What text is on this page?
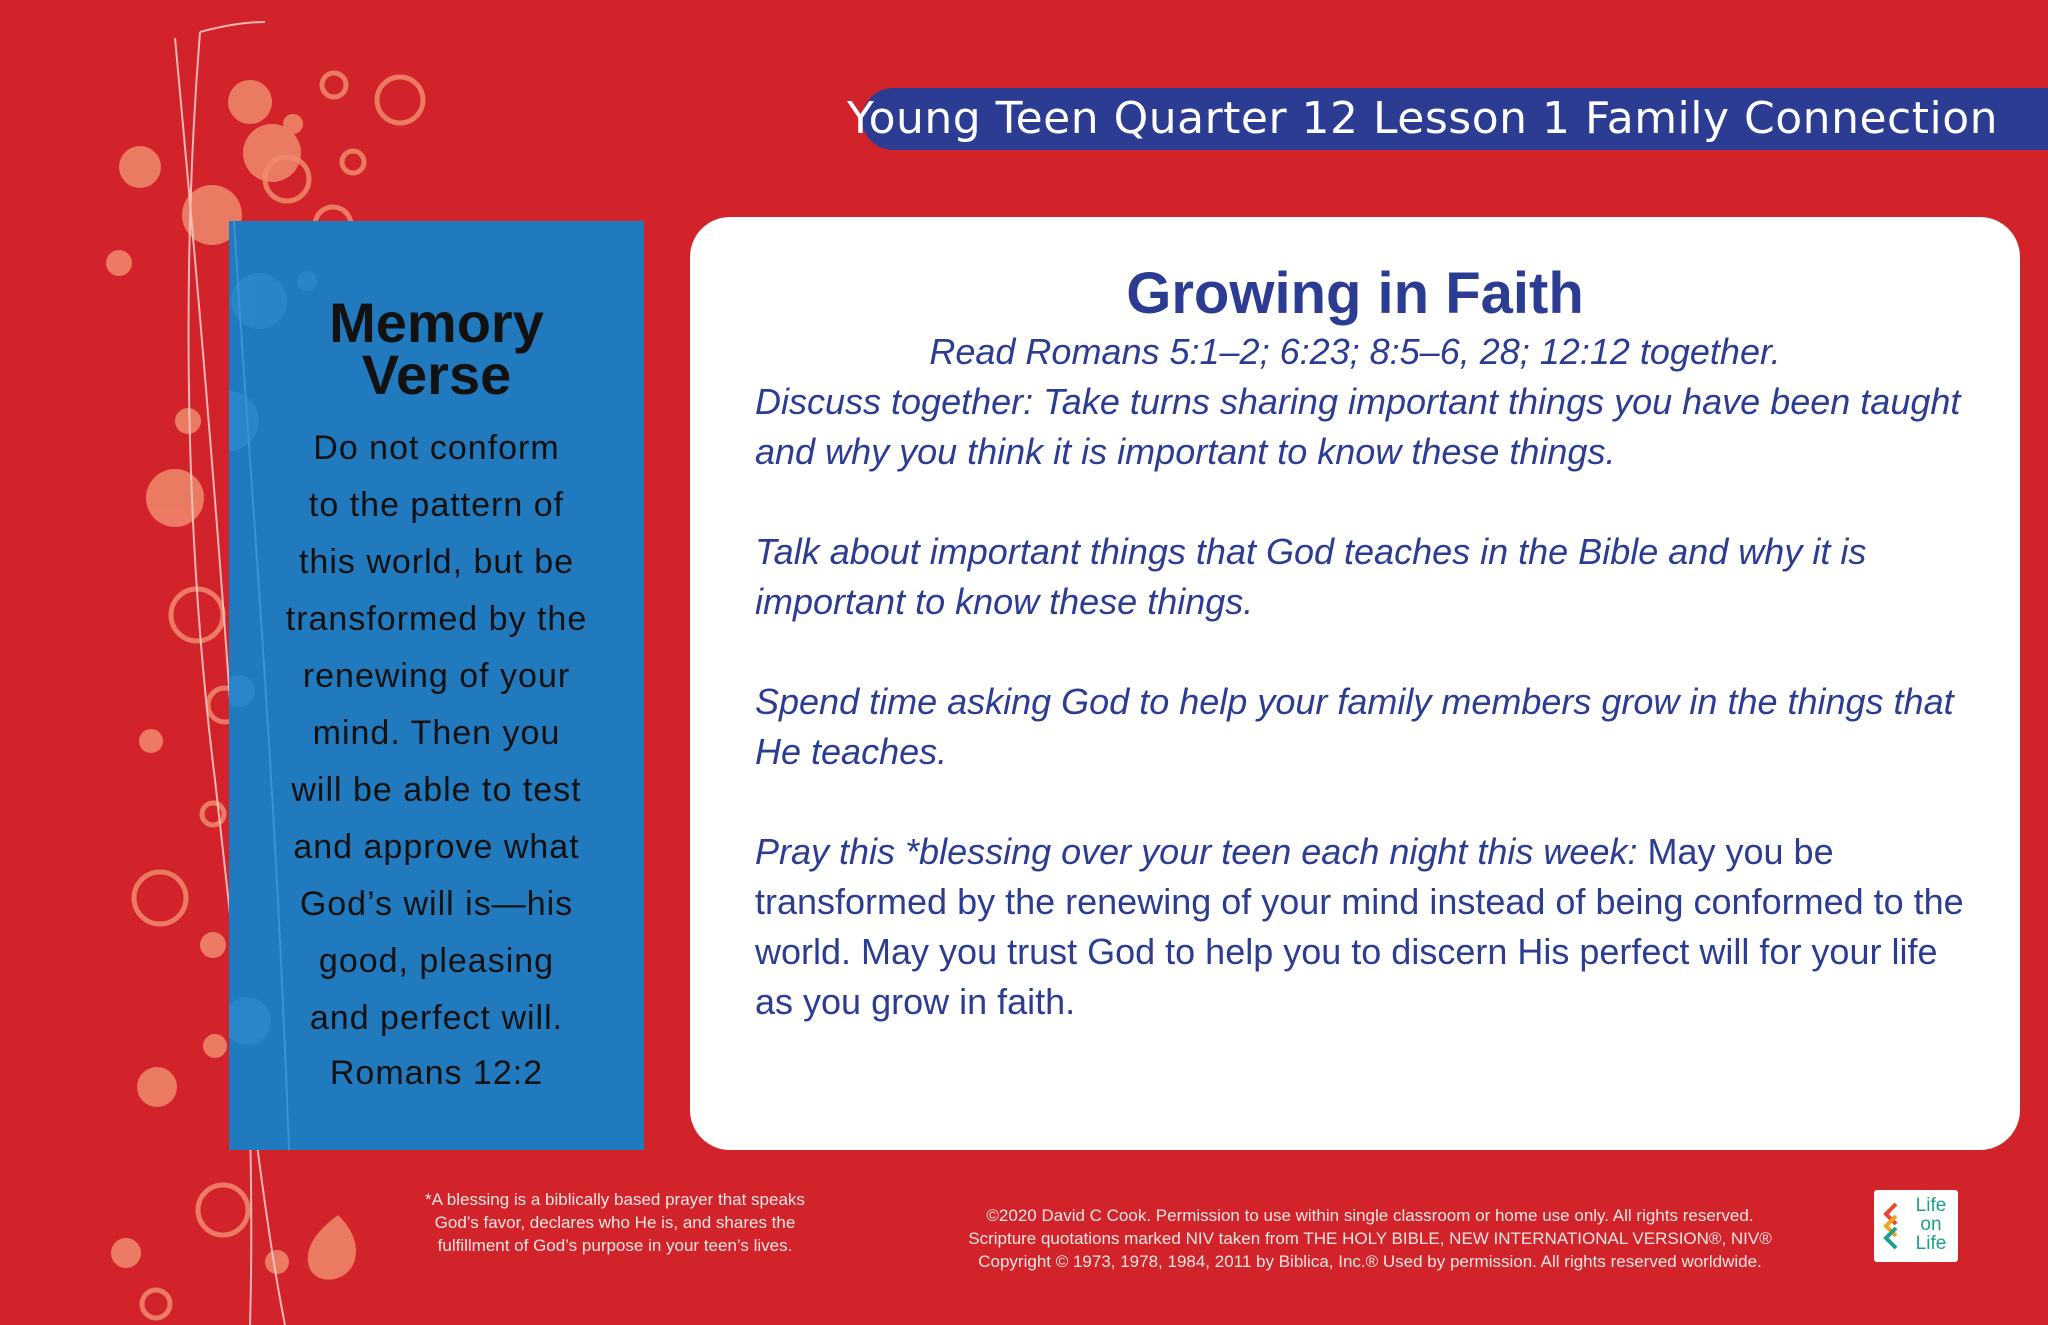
Young Teen Quarter 12 Lesson 1 Family Connection
Memory
Verse
Do not conform
to the pattern of
this world, but be
transformed by the
renewing of your
mind. Then you
will be able to test
and approve what
God’s will is—his
good, pleasing
and perfect will.
Romans 12:2
Growing in Faith
Read Romans 5:1–2; 6:23; 8:5–6, 28; 12:12 together.

Discuss together: Take turns sharing important things you have been taught and why you think it is important to know these things.

Talk about important things that God teaches in the Bible and why it is important to know these things.

Spend time asking God to help your family members grow in the things that He teaches.

Pray this *blessing over your teen each night this week: May you be transformed by the renewing of your mind instead of being conformed to the world. May you trust God to help you to discern His perfect will for your life as you grow in faith.

*A blessing is a biblically based prayer that speaks
God’s favor, declares who He is, and shares the
fulfillment of God’s purpose in your teen’s lives.
©2020 David C Cook. Permission to use within single classroom or home use only. All rights reserved.
Scripture quotations marked NIV taken from THE HOLY BIBLE, NEW INTERNATIONAL VERSION®, NIV®
Copyright © 1973, 1978, 1984, 2011 by Biblica, Inc.® Used by permission. All rights reserved worldwide.
Life
on
Life
